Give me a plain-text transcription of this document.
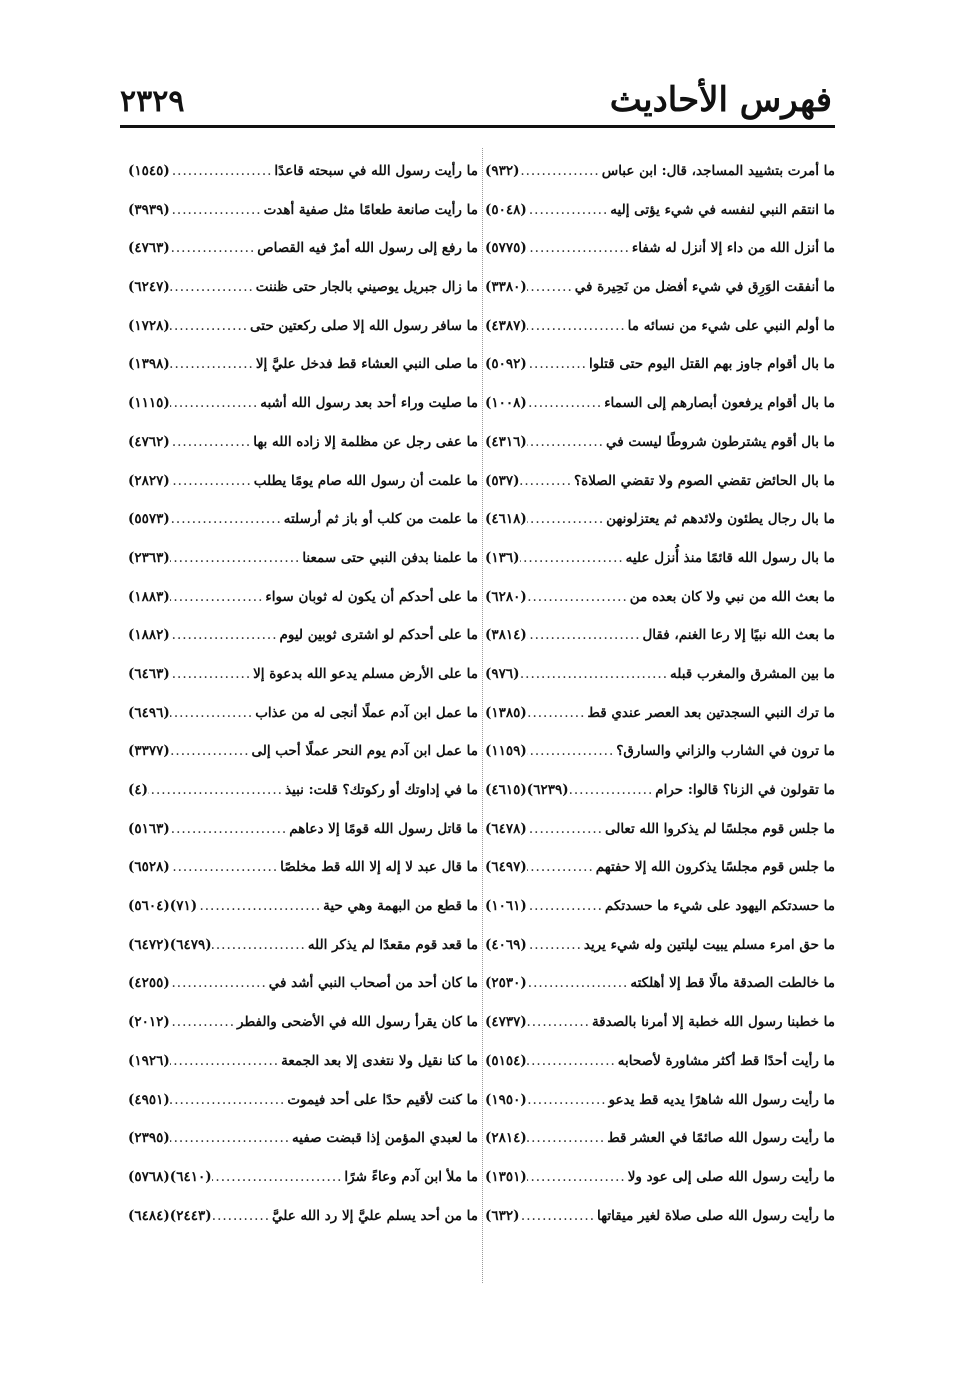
فهرس الأحاديث
٢٣٢٩
ما أمرت بتشييد المساجد، قال: ابن عباس
.....
(٩٣٢)
ما انتقم النبي لنفسه في شيء يؤتى إليه
.....
(٥٠٤٨)
ما أنزل الله من داء إلا أنزل له شفاء
.....
(٥٧٧٥)
ما أنفقت الوَرِق في شيء أفضل من نَحِيرة في
.....
(٣٣٨٠)
ما أولم النبي على شيء من نسائه ما
.....
(٤٣٨٧)
ما بال أقوام جاوز بهم القتل اليوم حتى قتلوا
.....
(٥٠٩٢)
ما بال أقوام يرفعون أبصارهم إلى السماء
.....
(١٠٠٨)
ما بال أقوم يشترطون شروطًا ليست في
.....
(٤٣١٦)
ما بال الحائض تقضي الصوم ولا تقضي الصلاة؟
.....
(٥٣٧)
ما بال رجال يطئون ولائدهم ثم يعتزلونهن
.....
(٤٦١٨)
ما بال رسول الله قائمًا منذ أُنزل عليه
.....
(١٣٦)
ما بعث الله من نبي ولا كان بعده من
.....
(٦٢٨٠)
ما بعث الله نبيًا إلا رعا الغنم، فقال
.....
(٣٨١٤)
ما بين المشرق والمغرب قبله
.....
(٩٧٦)
ما ترك النبي السجدتين بعد العصر عندي قط
.....
(١٣٨٥)
ما ترون في الشارب والزاني والسارق؟
.....
(١١٥٩)
ما تقولون في الزنا؟ قالوا: حرام
.....
(٦٢٣٩)(٤٦١٥)
ما جلس قوم مجلسًا لم يذكروا الله تعالى
.....
(٦٤٧٨)
ما جلس قوم مجلسًا يذكرون الله إلا حفتهم
.....
(٦٤٩٧)
ما حسدتكم اليهود على شيء ما حسدتكم
.....
(١٠٦١)
ما حق امرء مسلم يبيت ليلتين وله شيء يريد
.....
(٤٠٦٩)
ما خالطت الصدقة مالًا قط إلا أهلكته
.....
(٢٥٣٠)
ما خطبنا رسول الله خطبة إلا أمرنا بالصدقة
.....
(٤٧٣٧)
ما رأيت أحدًا قط أكثر مشاورة لأصحابه
.....
(٥١٥٤)
ما رأيت رسول الله شاهرًا يديه قط يدعو
.....
(١٩٥٠)
ما رأيت رسول الله صائمًا في العشر قط
.....
(٢٨١٤)
ما رأيت رسول الله صلى إلى عود ولا
.....
(١٣٥١)
ما رأيت رسول الله صلى صلاة لغير ميقاتها
.....
(٦٣٢)
ما رأيت رسول الله في سبحته قاعدًا
.....
(١٥٤٥)
ما رأيت صانعة طعامًا مثل صفية أهدت
.....
(٣٩٣٩)
ما رفع إلى رسول الله أمرٌ فيه القصاص
.....
(٤٧٦٣)
ما زال جبريل يوصيني بالجار حتى ظننت
.....
(٦٢٤٧)
ما سافر رسول الله إلا صلى ركعتين حتى
.....
(١٧٢٨)
ما صلى النبي العشاء قط فدخل عليَّ إلا
.....
(١٣٩٨)
ما صليت وراء أحد بعد رسول الله أشبه
.....
(١١١٥)
ما عفى رجل عن مظلمة إلا زاده الله بها
.....
(٤٧٦٢)
ما علمت أن رسول الله صام يومًا يطلب
.....
(٢٨٢٧)
ما علمت من كلب أو باز ثم أرسلته
.....
(٥٥٧٣)
ما علمنا بدفن النبي حتى سمعنا
.....
(٢٣٦٣)
ما على أحدكم أن يكون له ثوبان سواء
.....
(١٨٨٣)
ما على أحدكم لو اشترى ثوبين ليوم
.....
(١٨٨٢)
ما على الأرض مسلم يدعو الله بدعوة إلا
.....
(٦٤٦٣)
ما عمل ابن آدم عملًا أنجى له من عذاب
.....
(٦٤٩٦)
ما عمل ابن آدم يوم النحر عملًا أحب إلى
.....
(٣٣٧٧)
ما في إداوتك أو ركوتك؟ قلت: نبيذ
.....
(٤)
ما قاتل رسول الله قومًا إلا دعاهم
.....
(٥١٦٣)
ما قال عبد لا إله إلا الله قط مخلصًا
.....
(٦٥٢٨)
ما قطع من البهمة وهي حية
.....
(٧١)(٥٦٠٤)
ما قعد قوم مقعدًا لم يذكر الله
.....
(٦٤٧٩)(٦٤٧٢)
ما كان أحد من أصحاب النبي أشد في
.....
(٤٢٥٥)
ما كان يقرأ رسول الله في الأضحى والفطر
.....
(٢٠١٢)
ما كنا نقيل ولا نتغدى إلا بعد الجمعة
.....
(١٩٢٦)
ما كنت لأقيم حدًا على أحد فيموت
.....
(٤٩٥١)
ما لعبدي المؤمن إذا قبضت صفيه
.....
(٢٣٩٥)
ما ملأ ابن آدم وعاءً شرًا
.....
(٦٤١٠)(٥٧٦٨)
ما من أحد يسلم عليَّ إلا رد الله عليَّ
.....
(٢٤٤٣)(٦٤٨٤)
